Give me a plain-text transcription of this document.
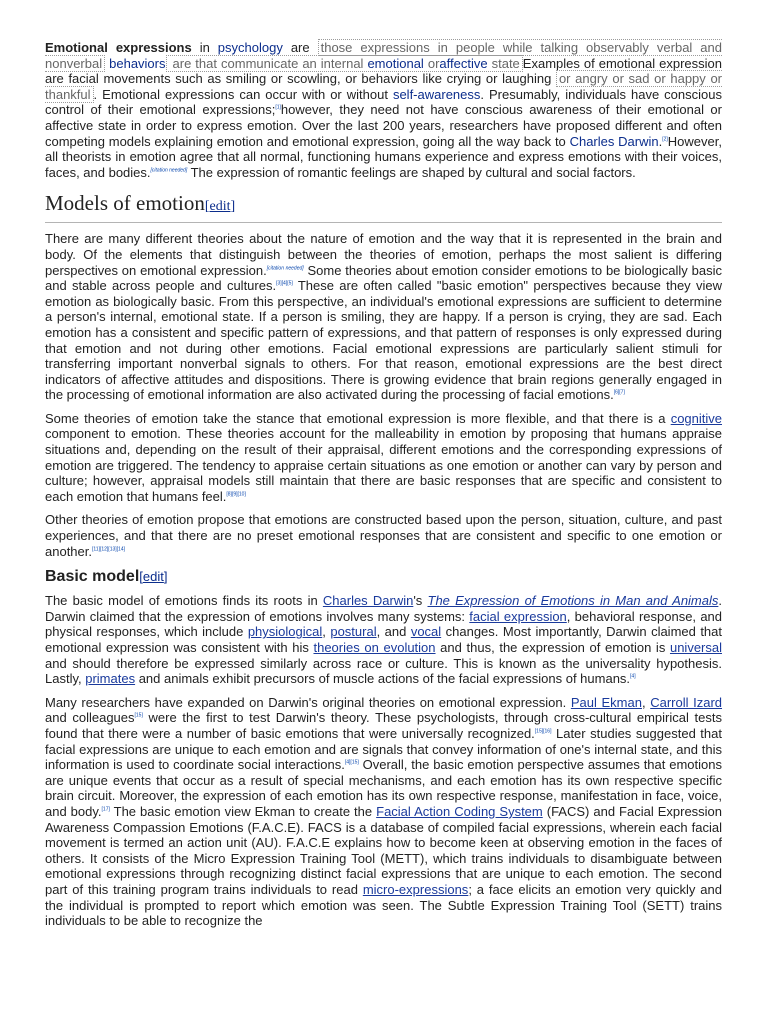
Emotional expressions in psychology are those expressions in people while talking observably verbal and nonverbal behaviors are that communicate an internal emotional oraffective state Examples of emotional expression are facial movements such as smiling or scowling, or behaviors like crying or laughing or angry or sad or happy or thankful . Emotional expressions can occur with or without self-awareness. Presumably, individuals have conscious control of their emotional expressions;[1]however, they need not have conscious awareness of their emotional or affective state in order to express emotion. Over the last 200 years, researchers have proposed different and often competing models explaining emotion and emotional expression, going all the way back to Charles Darwin.[2]However, all theorists in emotion agree that all normal, functioning humans experience and express emotions with their voices, faces, and bodies.[citation needed] The expression of romantic feelings are shaped by cultural and social factors.

Models of emotion[edit]

There are many different theories about the nature of emotion and the way that it is represented in the brain and body. Of the elements that distinguish between the theories of emotion, perhaps the most salient is differing perspectives on emotional expression.[citation needed] Some theories about emotion consider emotions to be biologically basic and stable across people and cultures.[3][4][5] These are often called "basic emotion" perspectives because they view emotion as biologically basic. From this perspective, an individual's emotional expressions are sufficient to determine a person's internal, emotional state. If a person is smiling, they are happy. If a person is crying, they are sad. Each emotion has a consistent and specific pattern of expressions, and that pattern of responses is only expressed during that emotion and not during other emotions. Facial emotional expressions are particularly salient stimuli for transferring important nonverbal signals to others. For that reason, emotional expressions are the best direct indicators of affective attitudes and dispositions. There is growing evidence that brain regions generally engaged in the processing of emotional information are also activated during the processing of facial emotions.[6][7]

Some theories of emotion take the stance that emotional expression is more flexible, and that there is a cognitive component to emotion. These theories account for the malleability in emotion by proposing that humans appraise situations and, depending on the result of their appraisal, different emotions and the corresponding expressions of emotion are triggered. The tendency to appraise certain situations as one emotion or another can vary by person and culture; however, appraisal models still maintain that there are basic responses that are specific and consistent to each emotion that humans feel.[8][9][10]

Other theories of emotion propose that emotions are constructed based upon the person, situation, culture, and past experiences, and that there are no preset emotional responses that are consistent and specific to one emotion or another.[11][12][13][14]

Basic model[edit]

The basic model of emotions finds its roots in Charles Darwin's The Expression of Emotions in Man and Animals. Darwin claimed that the expression of emotions involves many systems: facial expression, behavioral response, and physical responses, which include physiological, postural, and vocal changes. Most importantly, Darwin claimed that emotional expression was consistent with his theories on evolution and thus, the expression of emotion is universal and should therefore be expressed similarly across race or culture. This is known as the universality hypothesis. Lastly, primates and animals exhibit precursors of muscle actions of the facial expressions of humans.[4]

Many researchers have expanded on Darwin's original theories on emotional expression. Paul Ekman, Carroll Izard and colleagues[15] were the first to test Darwin's theory. These psychologists, through cross-cultural empirical tests found that there were a number of basic emotions that were universally recognized.[15][16] Later studies suggested that facial expressions are unique to each emotion and are signals that convey information of one's internal state, and this information is used to coordinate social interactions.[4][15] Overall, the basic emotion perspective assumes that emotions are unique events that occur as a result of special mechanisms, and each emotion has its own respective specific brain circuit. Moreover, the expression of each emotion has its own respective response, manifestation in face, voice, and body.[17] The basic emotion view Ekman to create the Facial Action Coding System (FACS) and Facial Expression Awareness Compassion Emotions (F.A.C.E). FACS is a database of compiled facial expressions, wherein each facial movement is termed an action unit (AU). F.A.C.E explains how to become keen at observing emotion in the faces of others. It consists of the Micro Expression Training Tool (METT), which trains individuals to disambiguate between emotional expressions through recognizing distinct facial expressions that are unique to each emotion. The second part of this training program trains individuals to read micro-expressions; a face elicits an emotion very quickly and the individual is prompted to report which emotion was seen. The Subtle Expression Training Tool (SETT) trains individuals to be able to recognize the
